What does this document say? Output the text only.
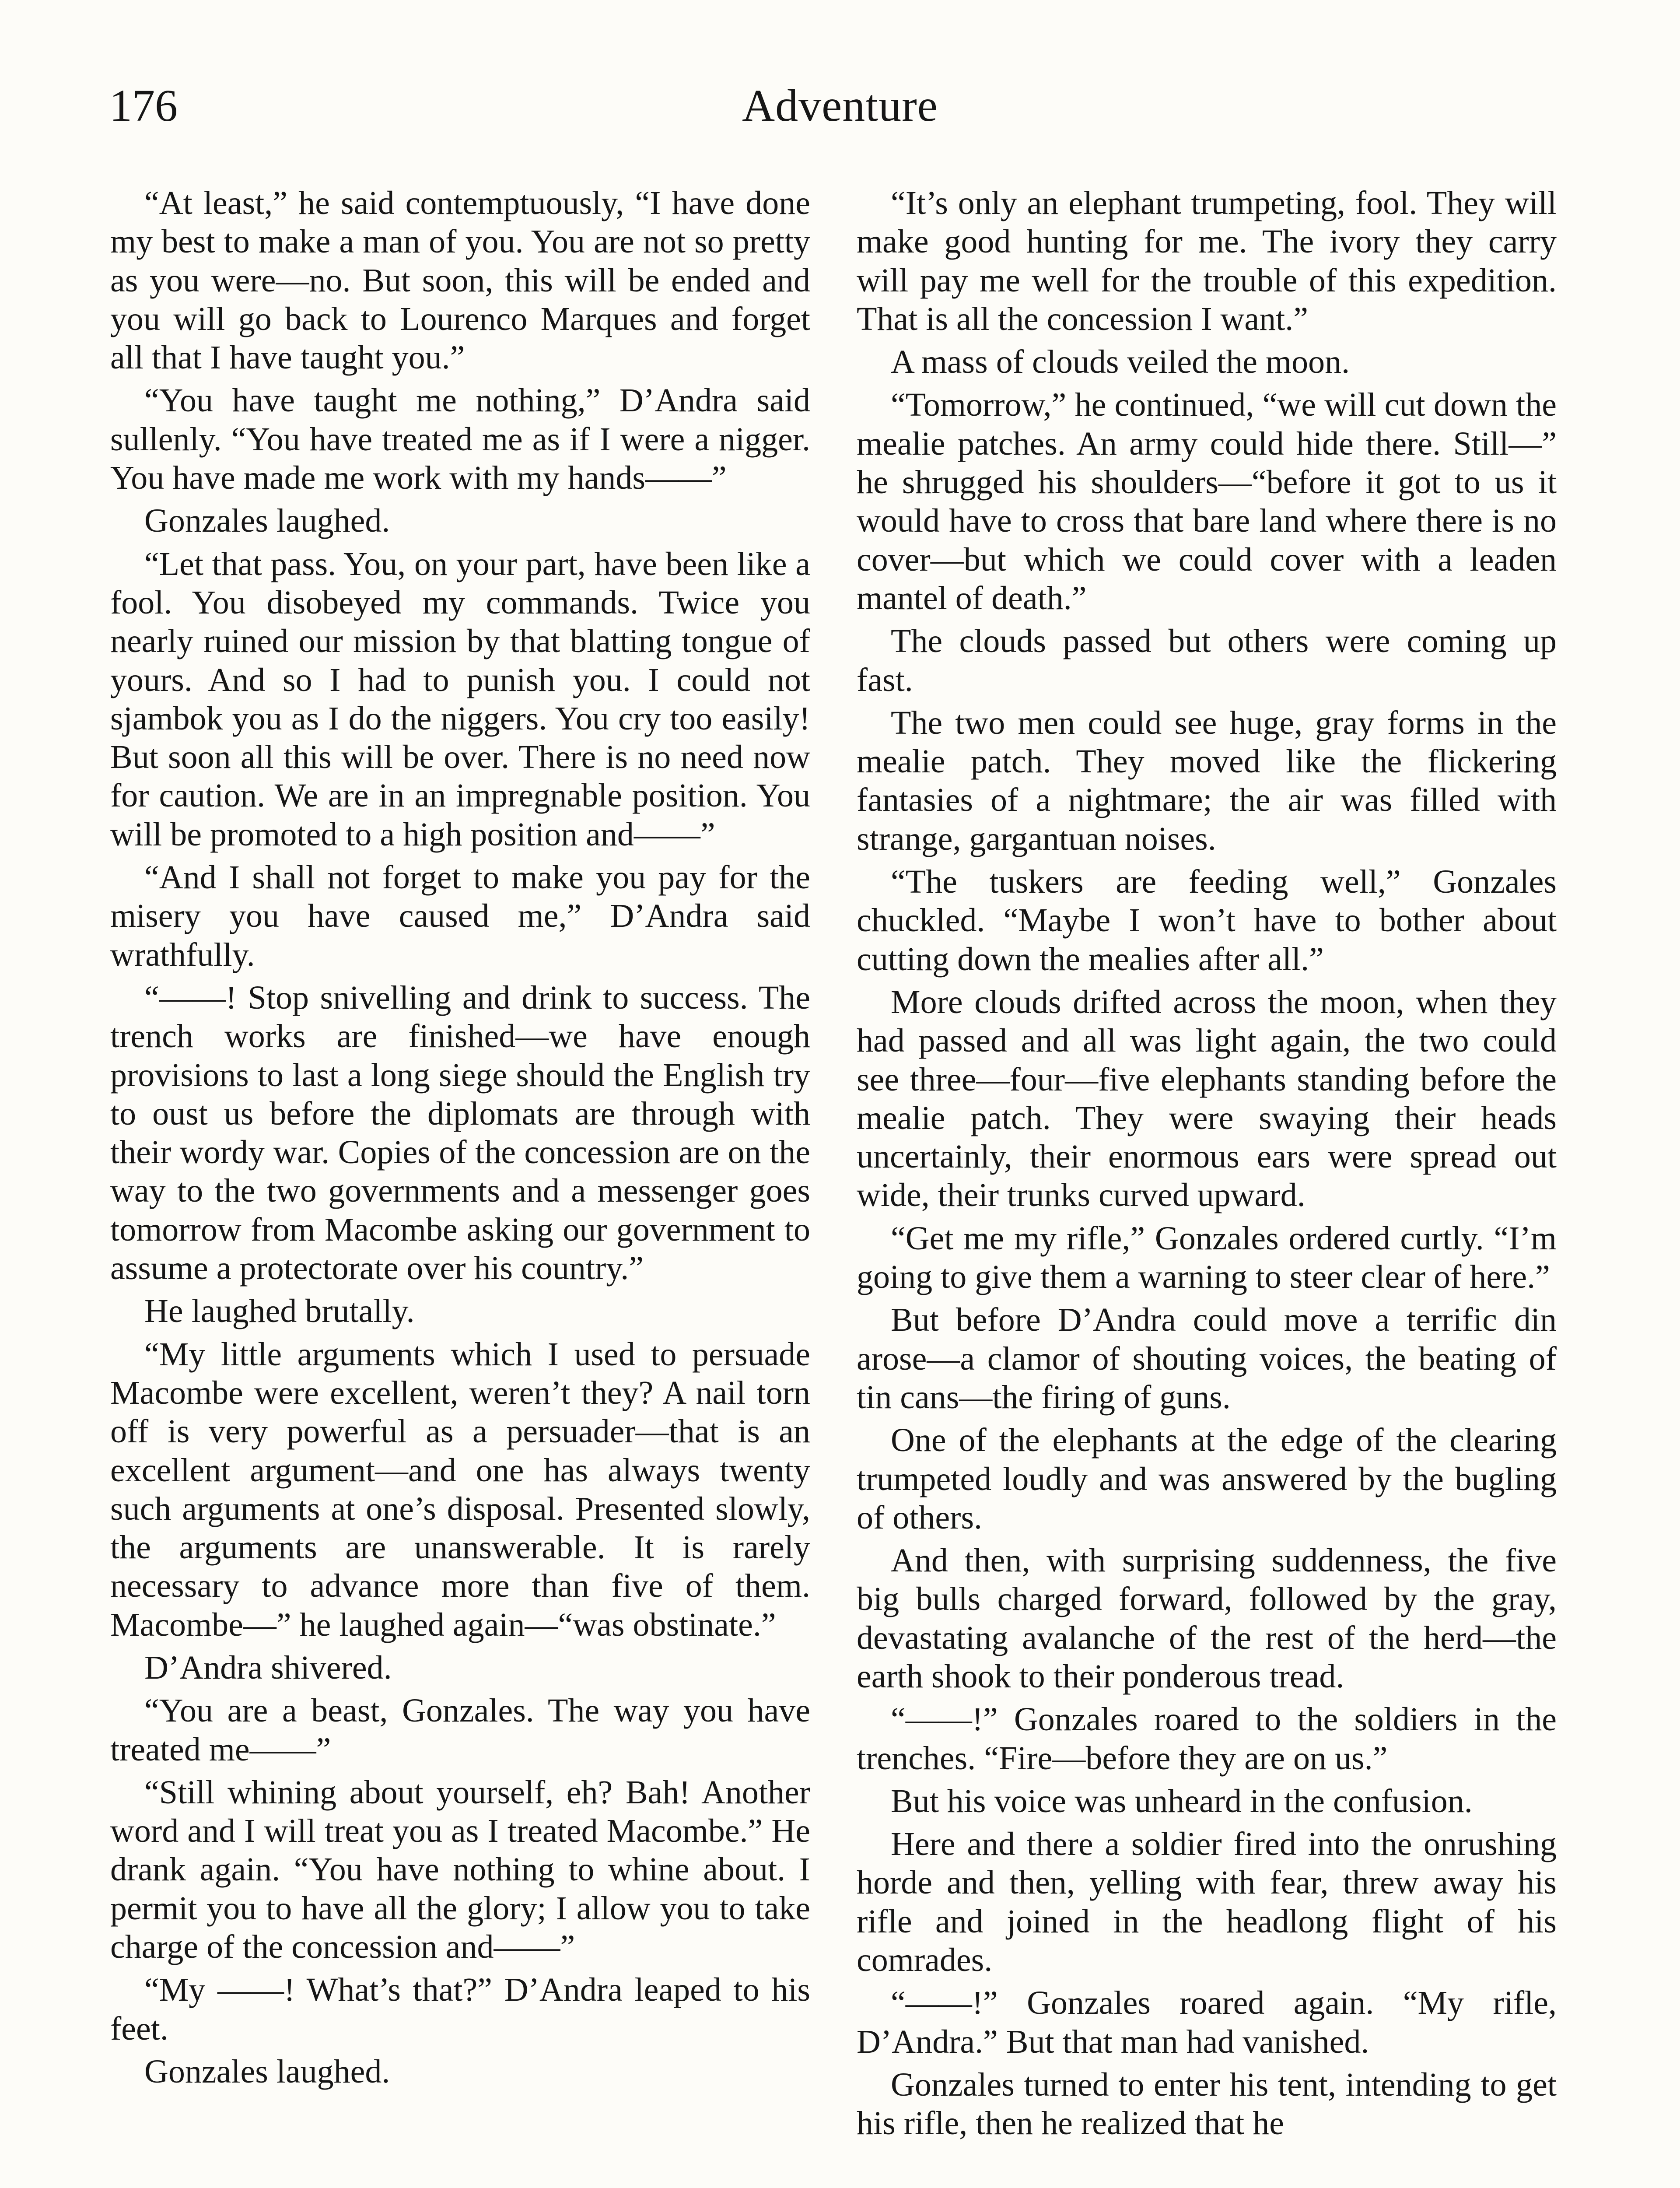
176	Adventure

“At least,” he said contemptuously, “I have done my best to make a man of you. You are not so pretty as you were—no. But soon, this will be ended and you will go back to Lourenco Marques and forget all that I have taught you.”

“You have taught me nothing,” D’Andra said sullenly. “You have treated me as if I were a nigger. You have made me work with my hands——”

Gonzales laughed.

“Let that pass. You, on your part, have been like a fool. You disobeyed my commands. Twice you nearly ruined our mission by that blatting tongue of yours. And so I had to punish you. I could not sjambok you as I do the niggers. You cry too easily! But soon all this will be over. There is no need now for caution. We are in an impregnable position. You will be promoted to a high position and——”

“And I shall not forget to make you pay for the misery you have caused me,” D’Andra said wrathfully.

“——! Stop snivelling and drink to success. The trench works are finished—we have enough provisions to last a long siege should the English try to oust us before the diplomats are through with their wordy war. Copies of the concession are on the way to the two governments and a messenger goes tomorrow from Macombe asking our government to assume a protectorate over his country.”

He laughed brutally.

“My little arguments which I used to persuade Macombe were excellent, weren’t they? A nail torn off is very powerful as a persuader—that is an excellent argument—and one has always twenty such arguments at one’s disposal. Presented slowly, the arguments are unanswerable. It is rarely necessary to advance more than five of them. Macombe—” he laughed again—“was obstinate.”

D’Andra shivered.

“You are a beast, Gonzales. The way you have treated me——”

“Still whining about yourself, eh? Bah! Another word and I will treat you as I treated Macombe.” He drank again. “You have nothing to whine about. I permit you to have all the glory; I allow you to take charge of the concession and——”

“My ——! What’s that?” D’Andra leaped to his feet.

Gonzales laughed.

“It’s only an elephant trumpeting, fool. They will make good hunting for me. The ivory they carry will pay me well for the trouble of this expedition. That is all the concession I want.”

A mass of clouds veiled the moon.

“Tomorrow,” he continued, “we will cut down the mealie patches. An army could hide there. Still—” he shrugged his shoulders—“before it got to us it would have to cross that bare land where there is no cover—but which we could cover with a leaden mantel of death.”

The clouds passed but others were coming up fast.

The two men could see huge, gray forms in the mealie patch. They moved like the flickering fantasies of a nightmare; the air was filled with strange, gargantuan noises.

“The tuskers are feeding well,” Gonzales chuckled. “Maybe I won’t have to bother about cutting down the mealies after all.”

More clouds drifted across the moon, when they had passed and all was light again, the two could see three—four—five elephants standing before the mealie patch. They were swaying their heads uncertainly, their enormous ears were spread out wide, their trunks curved upward.

“Get me my rifle,” Gonzales ordered curtly. “I’m going to give them a warning to steer clear of here.”

But before D’Andra could move a terrific din arose—a clamor of shouting voices, the beating of tin cans—the firing of guns.

One of the elephants at the edge of the clearing trumpeted loudly and was answered by the bugling of others.

And then, with surprising suddenness, the five big bulls charged forward, followed by the gray, devastating avalanche of the rest of the herd—the earth shook to their ponderous tread.

“——!” Gonzales roared to the soldiers in the trenches. “Fire—before they are on us.”

But his voice was unheard in the confusion.

Here and there a soldier fired into the onrushing horde and then, yelling with fear, threw away his rifle and joined in the headlong flight of his comrades.

“——!” Gonzales roared again. “My rifle, D’Andra.” But that man had vanished.

Gonzales turned to enter his tent, intending to get his rifle, then he realized that he
